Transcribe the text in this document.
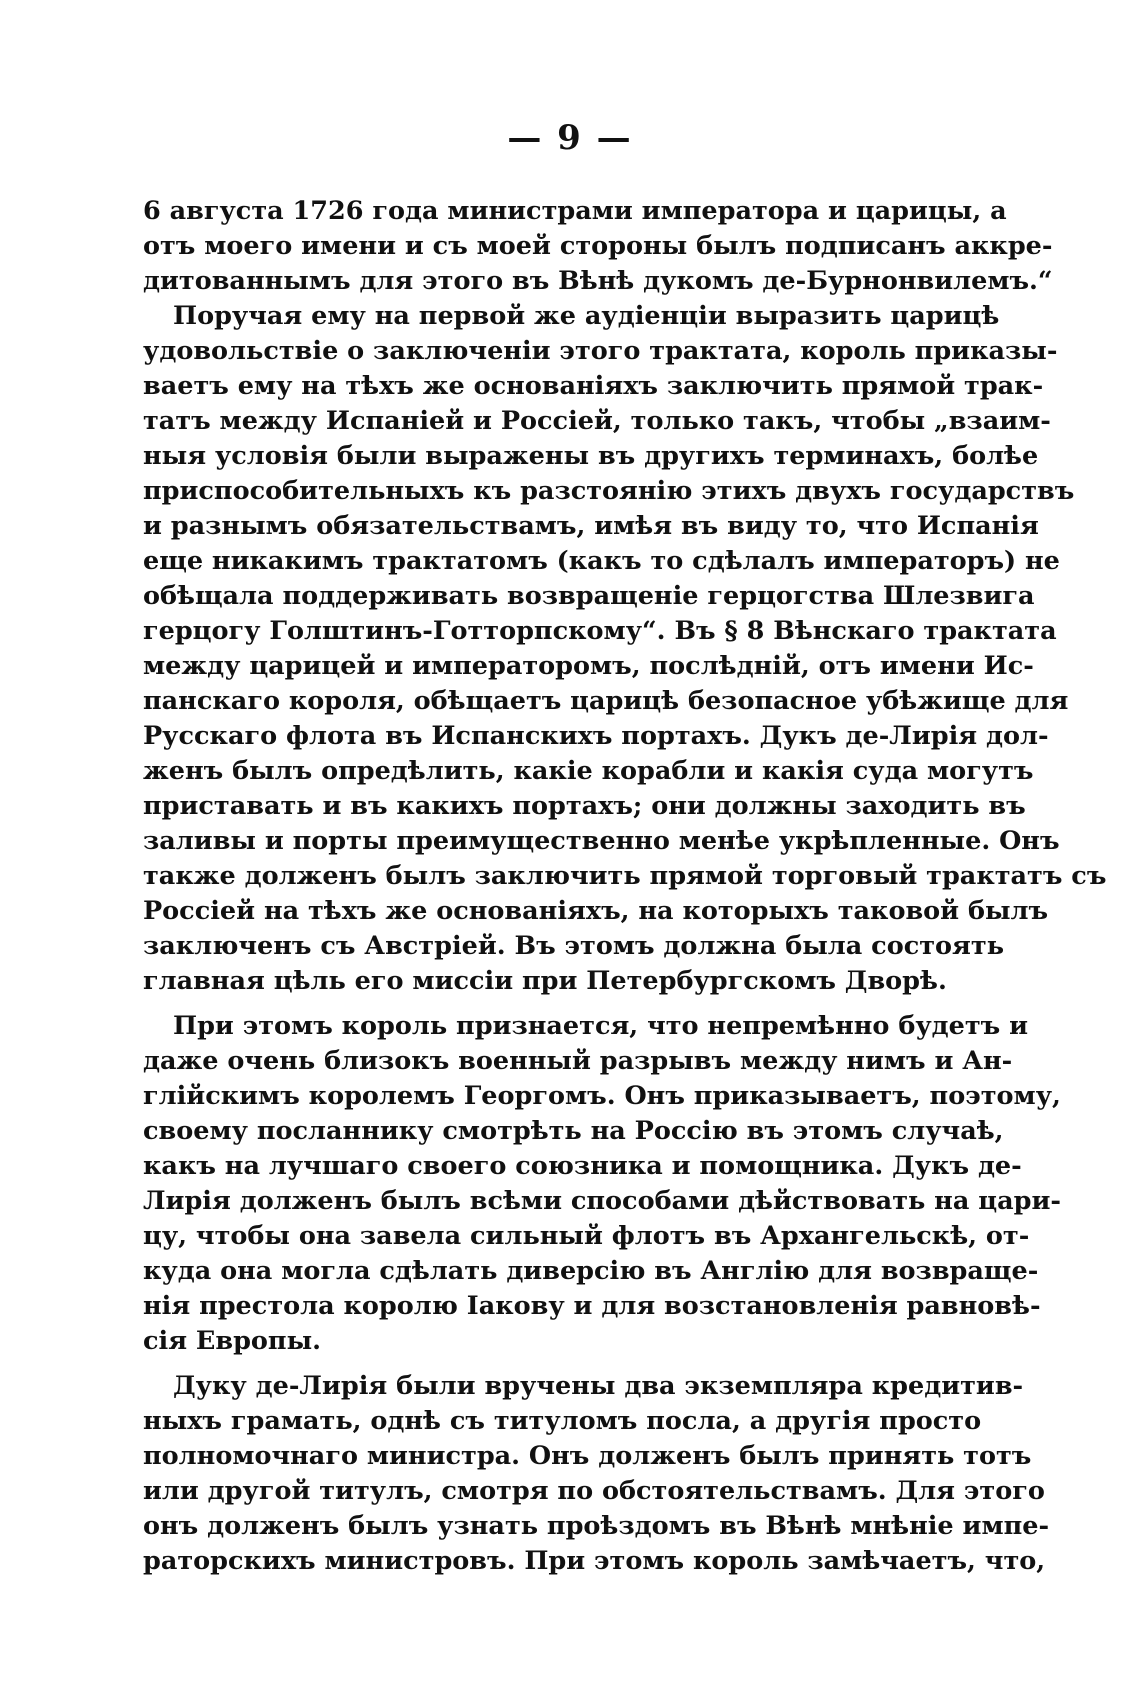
— 9 —
6 августа 1726 года министрами императора и царицы, а
отъ моего имени и съ моей стороны былъ подписанъ аккре-
дитованнымъ для этого въ Вѣнѣ дукомъ де-Бурнонвилемъ.“
Поручая ему на первой же аудіенціи выразить царицѣ
удовольствіе о заключеніи этого трактата, король приказы-
ваетъ ему на тѣхъ же основаніяхъ заключить прямой трак-
татъ между Испаніей и Россіей, только такъ, чтобы „взаим-
ныя условія были выражены въ другихъ терминахъ, болѣе
приспособительныхъ къ разстоянію этихъ двухъ государствъ
и разнымъ обязательствамъ, имѣя въ виду то, что Испанія
еще никакимъ трактатомъ (какъ то сдѣлалъ императоръ) не
обѣщала поддерживать возвращеніе герцогства Шлезвига
герцогу Голштинъ-Готторпскому“. Въ § 8 Вѣнскаго трактата
между царицей и императоромъ, послѣдній, отъ имени Ис-
панскаго короля, обѣщаетъ царицѣ безопасное убѣжище для
Русскаго флота въ Испанскихъ портахъ. Дукъ де-Лирія дол-
женъ былъ опредѣлить, какіе корабли и какія суда могутъ
приставать и въ какихъ портахъ; они должны заходить въ
заливы и порты преимущественно менѣе укрѣпленные. Онъ
также долженъ былъ заключить прямой торговый трактатъ съ
Россіей на тѣхъ же основаніяхъ, на которыхъ таковой былъ
заключенъ съ Австріей. Въ этомъ должна была состоять
главная цѣль его миссіи при Петербургскомъ Дворѣ.
При этомъ король признается, что непремѣнно будетъ и
даже очень близокъ военный разрывъ между нимъ и Ан-
глійскимъ королемъ Георгомъ. Онъ приказываетъ, поэтому,
своему посланнику смотрѣть на Россію въ этомъ случаѣ,
какъ на лучшаго своего союзника и помощника. Дукъ де-
Лирія долженъ былъ всѣми способами дѣйствовать на цари-
цу, чтобы она завела сильный флотъ въ Архангельскѣ, от-
куда она могла сдѣлать диверсію въ Англію для возвраще-
нія престола королю Іакову и для возстановленія равновѣ-
сія Европы.
Дуку де-Лирія были вручены два экземпляра кредитив-
ныхъ грамать, однѣ съ титуломъ посла, а другія просто
полномочнаго министра. Онъ долженъ былъ принять тотъ
или другой титулъ, смотря по обстоятельствамъ. Для этого
онъ долженъ былъ узнать проѣздомъ въ Вѣнѣ мнѣніе импе-
раторскихъ министровъ. При этомъ король замѣчаетъ, что,
